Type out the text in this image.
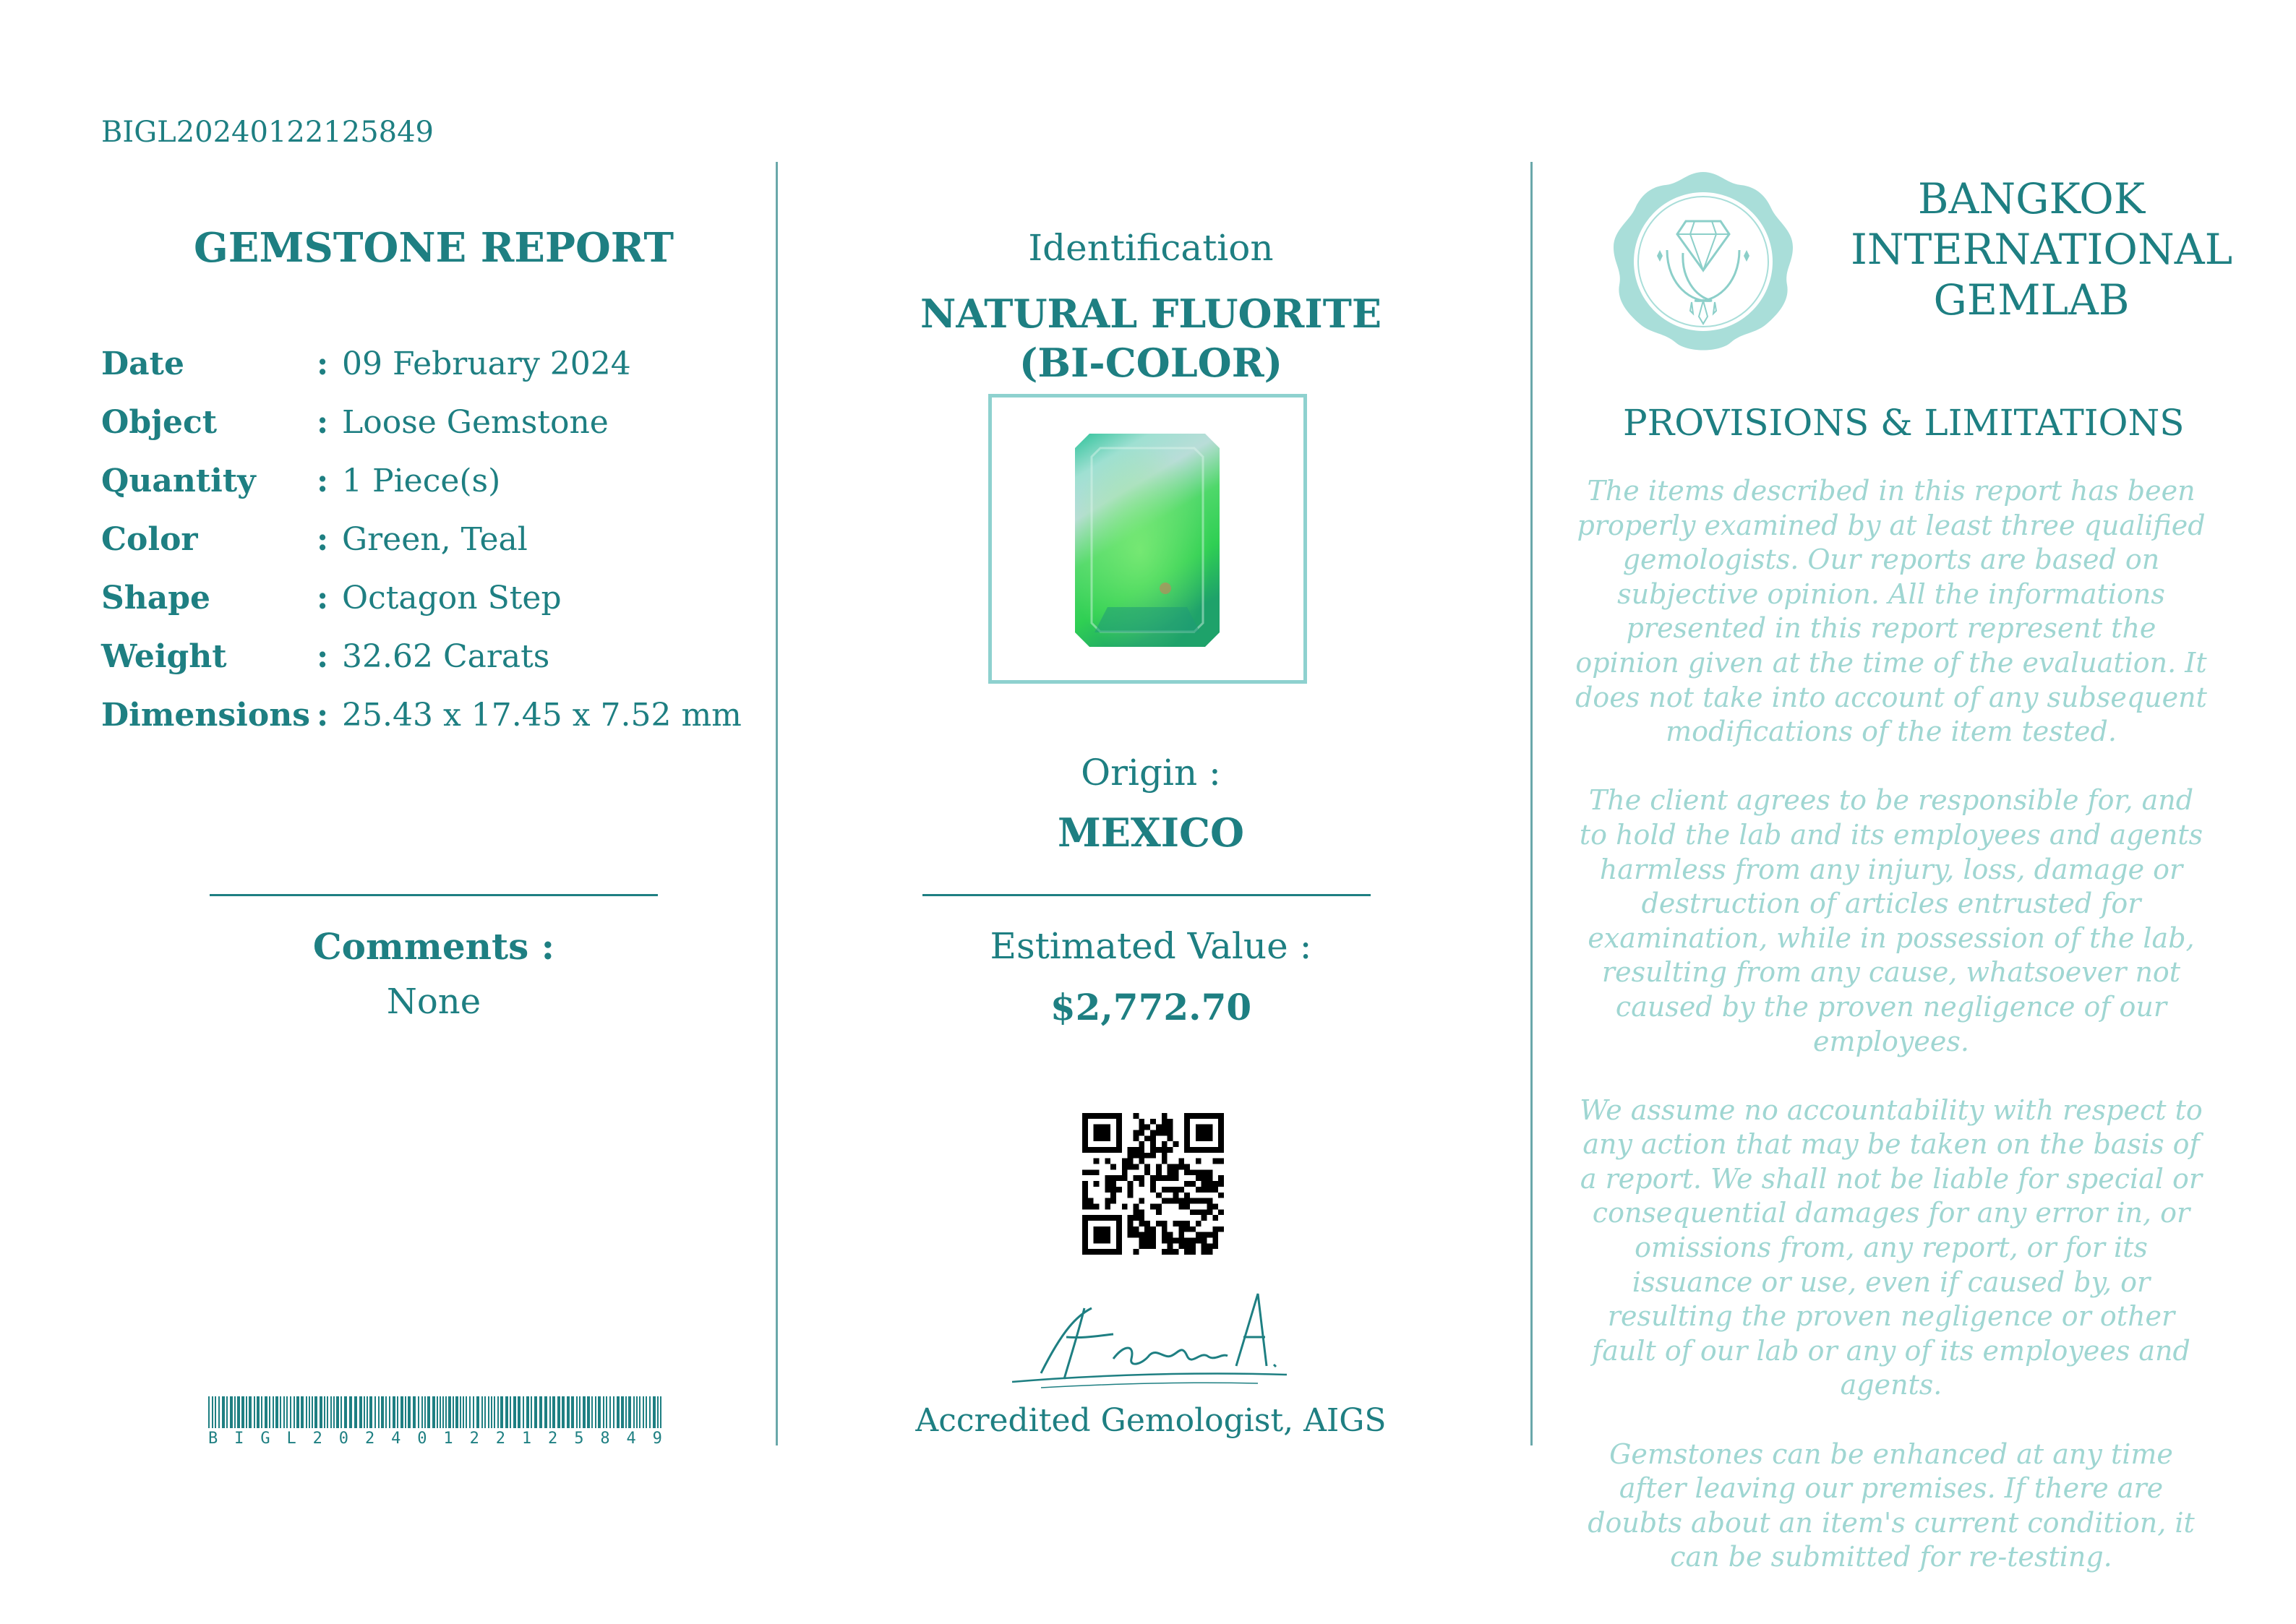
BIGL20240122125849
GEMSTONE REPORT
Date	: 09 February 2024
Object	: Loose Gemstone
Quantity : 1 Piece(s)
Color	: Green, Teal
Shape	: Octagon Step
Weight	: 32.62 Carats
Dimensions : 25.43 x 17.45 x 7.52 mm
Comments :
None
B I G L 2 0 2 4 0 1 2 2 1 2 5 8 4 9
Identification
NATURAL FLUORITE
(BI-COLOR)
Origin :
MEXICO
Estimated Value :
$2,772.70
HashimA.
Accredited Gemologist, AIGS
BANGKOK
INTERNATIONAL
GEMLAB
PROVISIONS & LIMITATIONS

The items described in this report has been properly examined by at least three qualified gemologists. Our reports are based on subjective opinion. All the informations presented in this report represent the opinion given at the time of the evaluation. It does not take into account of any subsequent modifications of the item tested.

The client agrees to be responsible for, and to hold the lab and its employees and agents harmless from any injury, loss, damage or destruction of articles entrusted for examination, while in possession of the lab, resulting from any cause, whatsoever not caused by the proven negligence of our employees.

We assume no accountability with respect to any action that may be taken on the basis of a report. We shall not be liable for special or consequential damages for any error in, or omissions from, any report, or for its issuance or use, even if caused by, or resulting the proven negligence or other fault of our lab or any of its employees and agents.

Gemstones can be enhanced at any time after leaving our premises. If there are doubts about an item's current condition, it can be submitted for re-testing.
